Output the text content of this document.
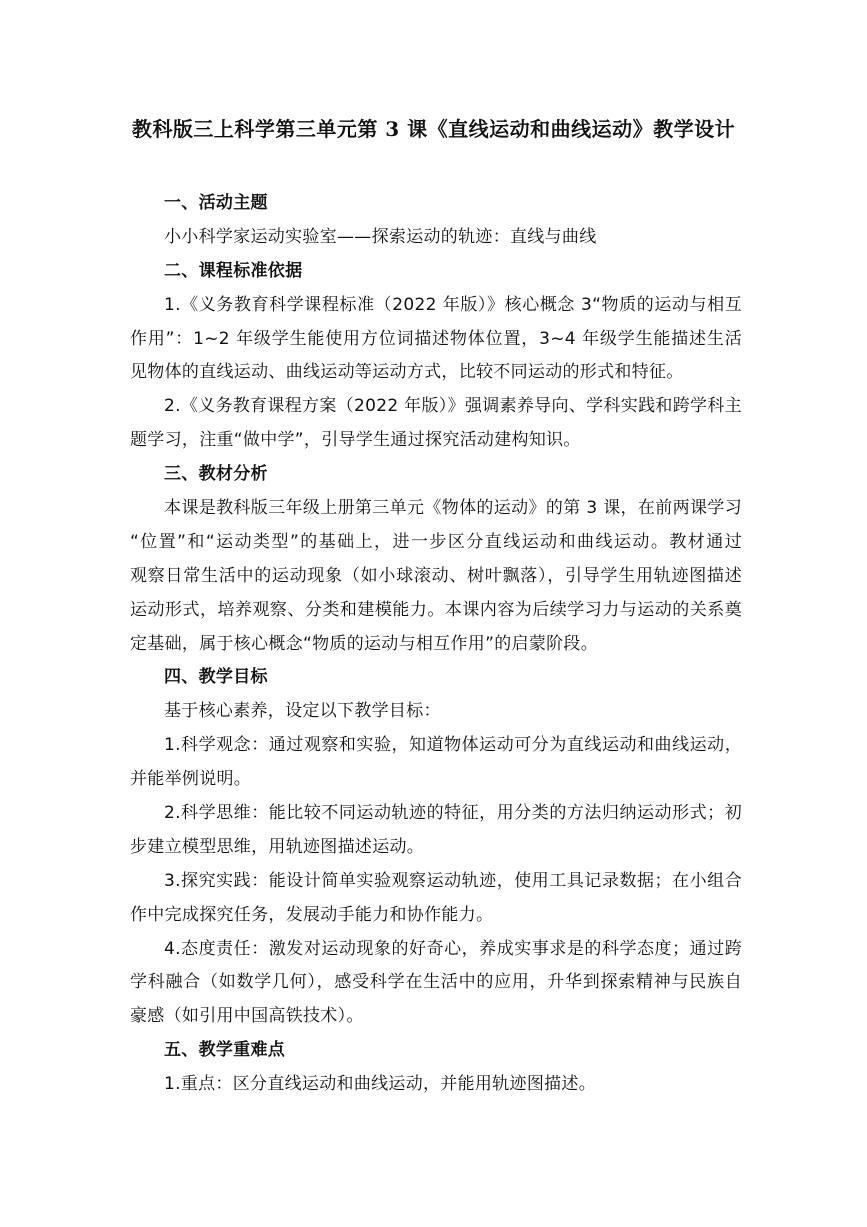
教科版三上科学第三单元第 3 课《直线运动和曲线运动》教学设计
一、活动主题
小小科学家运动实验室——探索运动的轨迹：直线与曲线
二、课程标准依据
1.《义务教育科学课程标准（2022 年版）》核心概念 3“物质的运动与相互
作用”：1~2 年级学生能使用方位词描述物体位置，3~4 年级学生能描述生活
见物体的直线运动、曲线运动等运动方式，比较不同运动的形式和特征。
2.《义务教育课程方案（2022 年版）》强调素养导向、学科实践和跨学科主
题学习，注重“做中学”，引导学生通过探究活动建构知识。
三、教材分析
本课是教科版三年级上册第三单元《物体的运动》的第 3 课，在前两课学习
“位置”和“运动类型”的基础上，进一步区分直线运动和曲线运动。教材通过
观察日常生活中的运动现象（如小球滚动、树叶飘落），引导学生用轨迹图描述
运动形式，培养观察、分类和建模能力。本课内容为后续学习力与运动的关系奠
定基础，属于核心概念“物质的运动与相互作用”的启蒙阶段。
四、教学目标
基于核心素养，设定以下教学目标：
1.科学观念：通过观察和实验，知道物体运动可分为直线运动和曲线运动，
并能举例说明。
2.科学思维：能比较不同运动轨迹的特征，用分类的方法归纳运动形式；初
步建立模型思维，用轨迹图描述运动。
3.探究实践：能设计简单实验观察运动轨迹，使用工具记录数据；在小组合
作中完成探究任务，发展动手能力和协作能力。
4.态度责任：激发对运动现象的好奇心，养成实事求是的科学态度；通过跨
学科融合（如数学几何），感受科学在生活中的应用，升华到探索精神与民族自
豪感（如引用中国高铁技术）。
五、教学重难点
1.重点：区分直线运动和曲线运动，并能用轨迹图描述。
